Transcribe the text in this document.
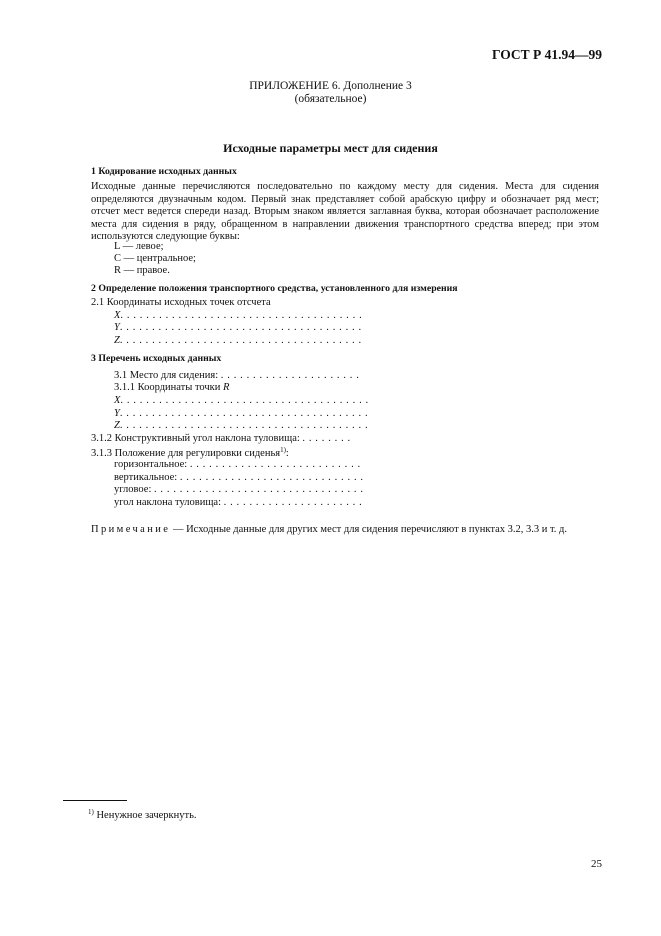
ГОСТ Р 41.94—99
ПРИЛОЖЕНИЕ 6. Дополнение 3
(обязательное)
Исходные параметры мест для сидения
1 Кодирование исходных данных

Исходные данные перечисляются последовательно по каждому месту для сидения. Места для сидения определяются двузначным кодом. Первый знак представляет собой арабскую цифру и обозначает ряд мест; отсчет мест ведется спереди назад. Вторым знаком является заглавная буква, которая обозначает расположение места для сидения в ряду, обращенном в направлении движения транспортного средства вперед; при этом используются следующие буквы:

L — левое;
С — центральное;
R — правое.
2 Определение положения транспортного средства, установленного для измерения
2.1 Координаты исходных точек отсчета
X. . . . . . . . . . . . . . . . . . . . . . . . . . . . . . . . . . . . . .
Y. . . . . . . . . . . . . . . . . . . . . . . . . . . . . . . . . . . . . .
Z. . . . . . . . . . . . . . . . . . . . . . . . . . . . . . . . . . . . . .
3 Перечень исходных данных
3.1 Место для сидения: . . . . . . . . . . . . . . . . . . . . . .
3.1.1 Координаты точки R
X. . . . . . . . . . . . . . . . . . . . . . . . . . . . . . . . . . . . . . .
Y. . . . . . . . . . . . . . . . . . . . . . . . . . . . . . . . . . . . . . .
Z. . . . . . . . . . . . . . . . . . . . . . . . . . . . . . . . . . . . . . .
3.1.2 Конструктивный угол наклона туловища: . . . . . . . .
3.1.3 Положение для регулировки сиденья$^{1)}$:
горизонтальное: . . . . . . . . . . . . . . . . . . . . . . . . . . .
вертикальное: . . . . . . . . . . . . . . . . . . . . . . . . . . . . .
угловое: . . . . . . . . . . . . . . . . . . . . . . . . . . . . . . . . .
угол наклона туловища: . . . . . . . . . . . . . . . . . . . . . .
Примечание — Исходные данные для других мест для сидения перечисляют в пунктах 3.2, 3.3 и т. д.
$^{1)}$ Ненужное зачеркнуть.
25
